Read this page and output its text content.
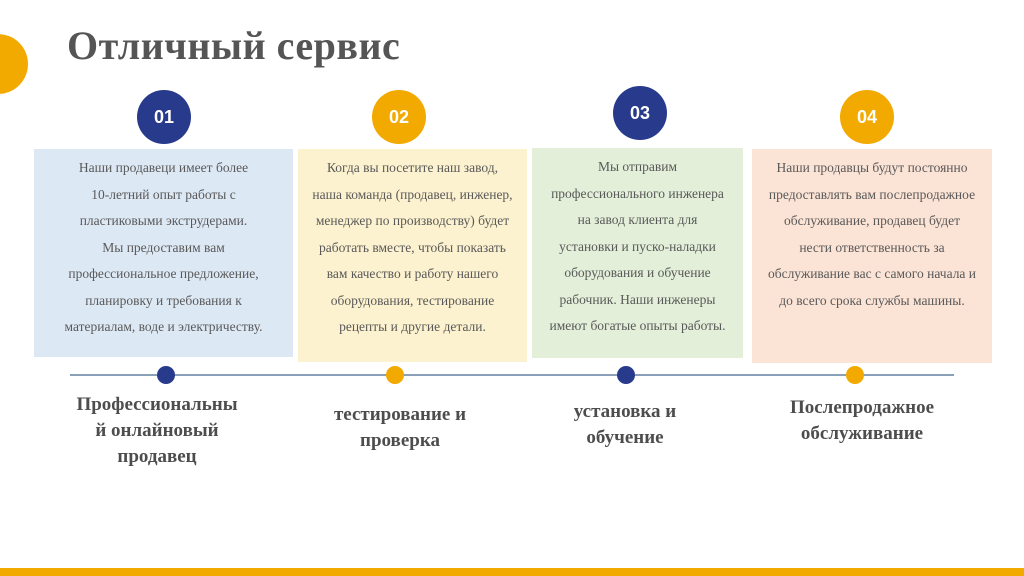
Отличный сервис
01	02	03	04
Наши продавеци имеет более
10-летний опыт работы с
пластиковыми экструдерами.
Мы предоставим вам
профессиональное предложение,
планировку и требования к
материалам, воде и электричеству.
Когда вы посетите наш завод,
наша команда (продавец, инженер,
менеджер по производству) будет
работать вместе, чтобы показать
вам качество и работу нашего
оборудования, тестирование
рецепты и другие детали.
Мы отправим
профессионального инженера
на завод клиента для
установки и пуско-наладки
оборудования и обучение
рабочник. Наши инженеры
имеют богатые опыты работы.
Наши продавцы будут постоянно
предоставлять вам послепродажное
обслуживание, продавец будет
нести ответственность за
обслуживание вас с самого начала и
до всего срока службы машины.
Профессиональны
й онлайновый
продавец
тестирование и
проверка
установка и
обучение
Послепродажное
обслуживание
